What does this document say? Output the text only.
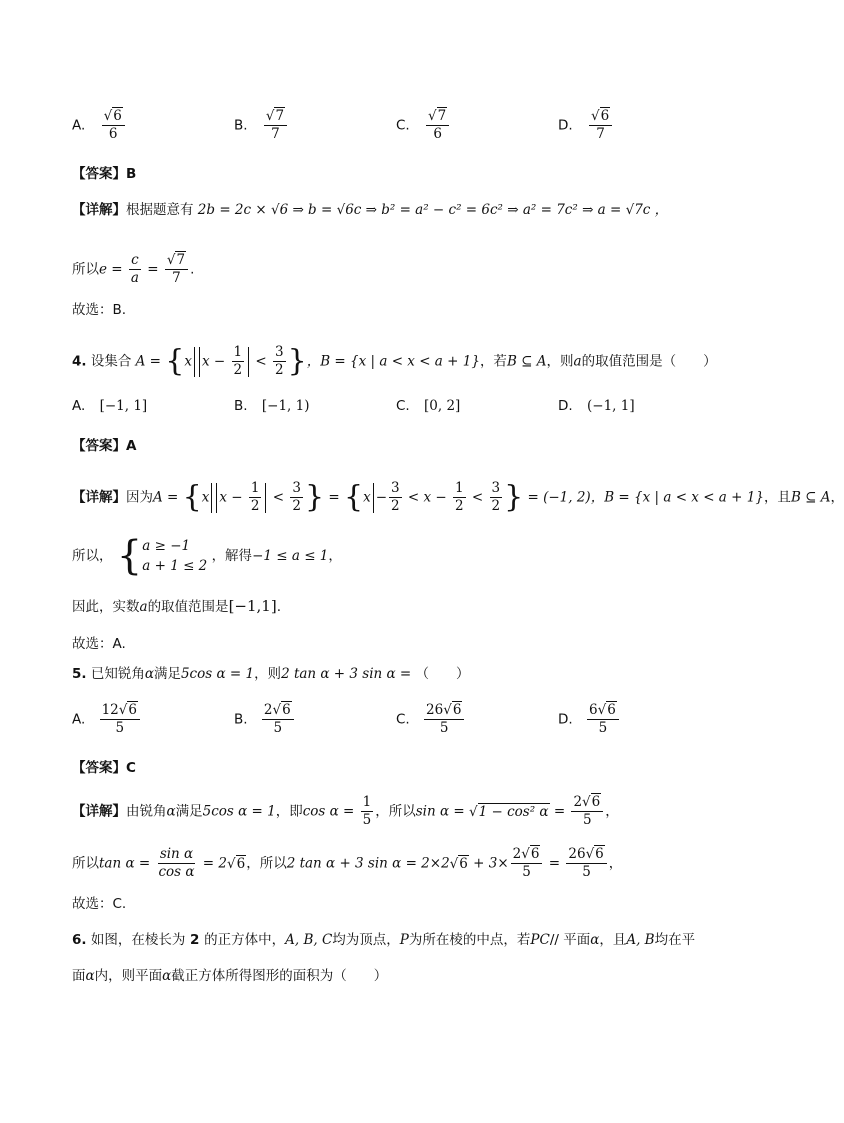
A. $\frac{√6}{6}$	B. $\frac{√7}{7}$	C. $\frac{√7}{6}$	D. $\frac{√6}{7}$
【答案】B
【详解】根据题意有 2b = 2c × √6 ⇒ b = √6c ⇒ b² = a² − c² = 6c² ⇒ a² = 7c² ⇒ a = √7c ，
所以$e = \frac{c}{a} = \frac{√7}{7}$ .
故选：B.
4. 设集合 A = {x $x - \frac{1}{2} < \frac{3}{2}$ }，B = {x | a < x < a + 1}，若B ⊆ A，则a的取值范围是（　　）
A. [−1, 1]	B. [−1, 1)	C. [0, 2]	D. (−1, 1]
【答案】A
【详解】因为A = {x $x - \frac{1}{2} < \frac{3}{2}$ } = {$x - \frac{3}{2} < x - \frac{1}{2} < \frac{3}{2}$ } = (−1, 2)，B = {x | a < x < a + 1}，且B ⊆ A，
所以， { a ≥ −1
a + 1 ≤ 2
，解得−1 ≤ a ≤ 1，
因此，实数a的取值范围是[−1,1].
故选：A.
5. 已知锐角α满足5cos α = 1，则2 tan α + 3 sin α = （　　）
A. $\frac{12√6}{5}$	B. $\frac{2√6}{5}$	C. $\frac{26√6}{5}$	D. $\frac{6√6}{5}$
【答案】C
【详解】由锐角α满足5cos α = 1，即$\cos \alpha = \frac{1}{5}$ ，所以sin α = √1 − cos² $\alpha = \frac{2√6}{5}$ ，
所以$\tan \alpha = \frac{\text{sin α}}{\text{cos α}} = 2√6$，所以2 tan α + 3 $\sin \alpha = 2\times 2√6 + 3\times \frac{2√6}{5} = \frac{26√6}{5}$ ，
故选：C.
6. 如图，在棱长为 2 的正方体中，A, B, C均为顶点，P为所在棱的中点，若PC// 平面α，且A, B均在平
面α内，则平面α截正方体所得图形的面积为（　　）
